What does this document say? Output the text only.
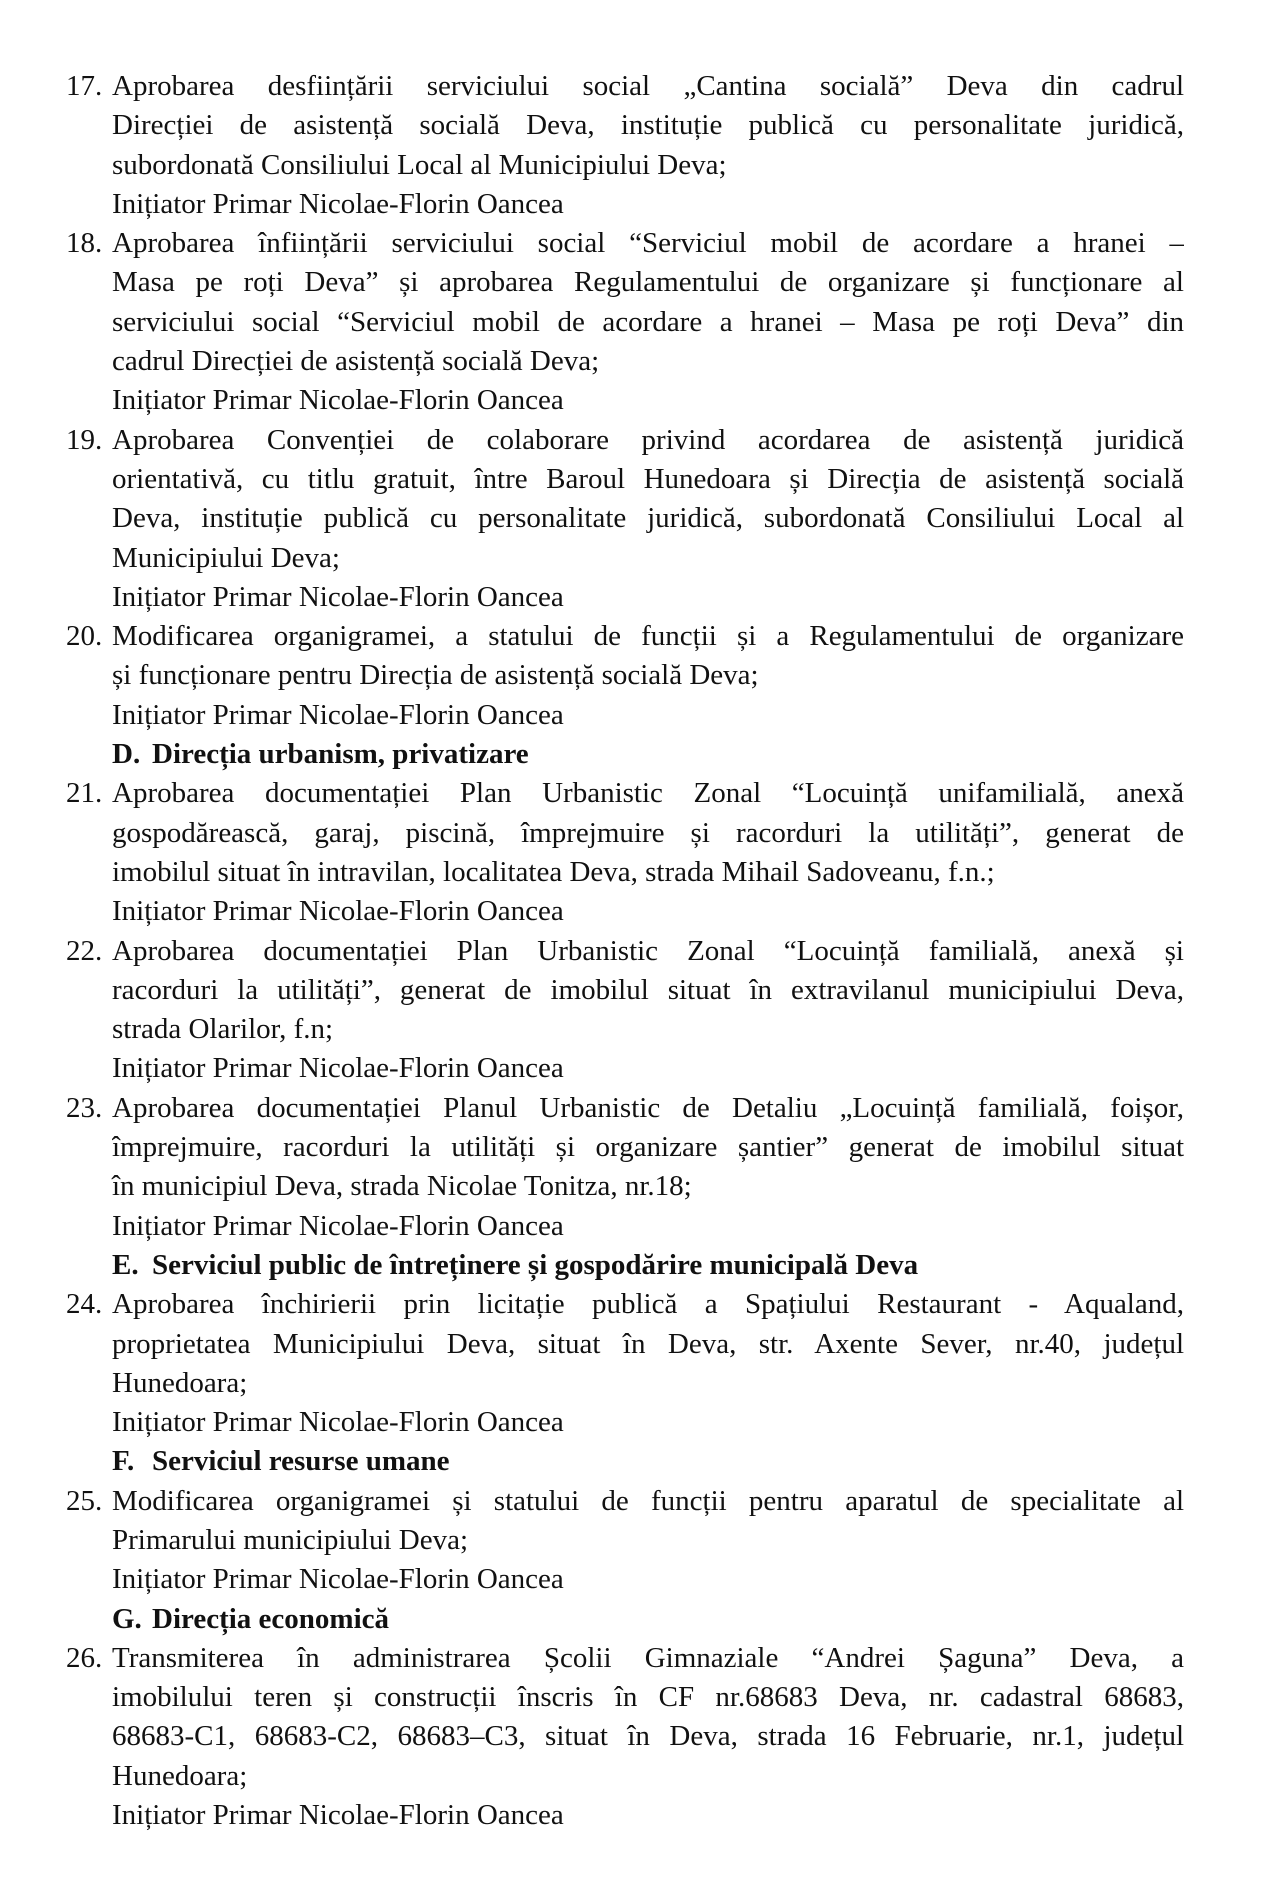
17. Aprobarea desființării serviciului social „Cantina socială” Deva din cadrul
Direcției de asistență socială Deva, instituție publică cu personalitate juridică,
subordonată Consiliului Local al Municipiului Deva;
Inițiator Primar Nicolae-Florin Oancea
18. Aprobarea înființării serviciului social “Serviciul mobil de acordare a hranei –
Masa pe roți Deva” și aprobarea Regulamentului de organizare și funcționare al
serviciului social “Serviciul mobil de acordare a hranei – Masa pe roți Deva” din
cadrul Direcției de asistență socială Deva;
Inițiator Primar Nicolae-Florin Oancea
19. Aprobarea Convenției de colaborare privind acordarea de asistență juridică
orientativă, cu titlu gratuit, între Baroul Hunedoara și Direcția de asistență socială
Deva, instituție publică cu personalitate juridică, subordonată Consiliului Local al
Municipiului Deva;
Inițiator Primar Nicolae-Florin Oancea
20. Modificarea organigramei, a statului de funcții și a Regulamentului de organizare
și funcționare pentru Direcția de asistență socială Deva;
Inițiator Primar Nicolae-Florin Oancea
D. Direcția urbanism, privatizare
21. Aprobarea documentației Plan Urbanistic Zonal “Locuință unifamilială, anexă
gospodărească, garaj, piscină, împrejmuire și racorduri la utilități”, generat de
imobilul situat în intravilan, localitatea Deva, strada Mihail Sadoveanu, f.n.;
Inițiator Primar Nicolae-Florin Oancea
22. Aprobarea documentației Plan Urbanistic Zonal “Locuință familială, anexă și
racorduri la utilități”, generat de imobilul situat în extravilanul municipiului Deva,
strada Olarilor, f.n;
Inițiator Primar Nicolae-Florin Oancea
23. Aprobarea documentației Planul Urbanistic de Detaliu „Locuință familială, foișor,
împrejmuire, racorduri la utilități și organizare șantier” generat de imobilul situat
în municipiul Deva, strada Nicolae Tonitza, nr.18;
Inițiator Primar Nicolae-Florin Oancea
E. Serviciul public de întreținere și gospodărire municipală Deva
24. Aprobarea închirierii prin licitație publică a Spațiului Restaurant - Aqualand,
proprietatea Municipiului Deva, situat în Deva, str. Axente Sever, nr.40, județul
Hunedoara;
Inițiator Primar Nicolae-Florin Oancea
F. Serviciul resurse umane
25. Modificarea organigramei și statului de funcții pentru aparatul de specialitate al
Primarului municipiului Deva;
Inițiator Primar Nicolae-Florin Oancea
G. Direcția economică
26. Transmiterea în administrarea Școlii Gimnaziale “Andrei Șaguna” Deva, a
imobilului teren și construcții înscris în CF nr.68683 Deva, nr. cadastral 68683,
68683-C1, 68683-C2, 68683–C3, situat în Deva, strada 16 Februarie, nr.1, județul
Hunedoara;
Inițiator Primar Nicolae-Florin Oancea
